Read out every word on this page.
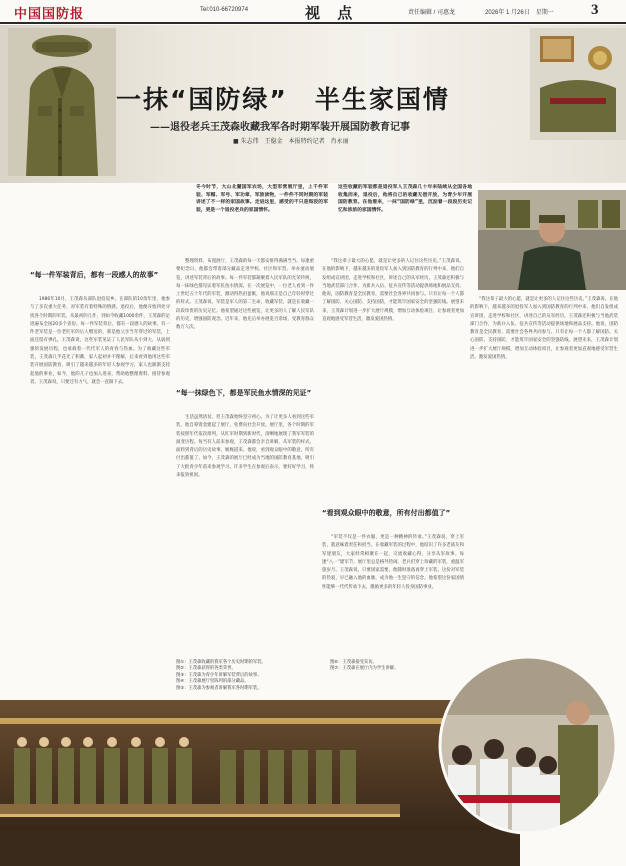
中国国防报	Tel:010-66720974	视 点	责任编辑 / 司惠龙	2026年 1 月26日　星期一 3
一抹“国防绿”　半生家国情
——退役老兵王茂森收藏我军各时期军装开展国防教育记事
■ 朱志伟　王稳金　本报特约记者　肖永丽
冬今时节，大山北麓国军农场，大型军营展厅里，上千件军装、军帽、军号、军功章、军旅读物，一件件不同时期的军装讲述了不一样的家国故事。走进这里，感受的不只是斑驳的军装，更是一个退役老兵的家国情怀。
这些收藏的军装都是退役军人王茂森几十年来陆续从全国各地收集而来，退役后，他将自己的收藏无偿开放，为青少年开展国防教育。在他看来，一抹“国防绿”里，沉淀着一段段历史记忆和浓浓的家国情怀。
“每一件军装背后，都有一段感人的故事”

1986年10月，王茂森从部队退役返乡。在部队的10余年里，他参与了多次重大任务，对军装有着特殊的情感。退役后，他便开始四处寻找各个时期的军装。从最初的几件，到如今收藏1000余件，王茂森的足迹遍布全国20多个省份。每一件军装背后，都有一段感人的故事。有一件老军装是一位老红军的后人赠送的，那是他父亲当年穿过的军装，上面还留有弹孔。王茂森说，这些军装见证了人民军队从小到大、从弱到强的发展历程，也承载着一代代军人的青春与热血。为了收藏这些军装，王茂森几乎花光了积蓄，家人起初并不理解，后来看到他用这些军装开展国防教育，吸引了越来越多的年轻人参观学习，家人也渐渐支持起他的事业。如今，他的儿子也加入进来，帮助他整理资料、接待参观者。王茂森说，只要还有力气，就会一直做下去。

整理资料，布置展厅，王茂森的每一天都安排得满满当当。每逢重要纪念日，他都会带着部分藏品走进学校、社区和军营，举办流动展览，讲述军装背后的故事。每一件军装都凝聚着人民军队的光荣传统，每一抹绿色都见证着军民鱼水情深。在一次展览中，一位老人看到一件上世纪五十年代的军装，激动得热泪盈眶，他说那正是自己年轻时穿过的样式。王茂森说，军装是军人的第二生命，收藏军装，就是在收藏一段段珍贵的历史记忆。他希望通过这些展览，让更多的人了解人民军队的历史，增强国防观念。近年来，他先后举办展览百余场，受教育群众数万人次。

“每一抹绿色下，都是军民鱼水情深的见证”

生活虽然清贫，但王茂森始终坚守初心。为了让更多人看到这些军装，他自筹资金建起了展厅，免费向社会开放。展厅里，各个时期的军装按照年代依次排列，从红军时期到新时代，清晰地展现了我军军装的演变历程。每当有人前来参观，王茂森都会亲自讲解，从军装的样式、面料到背后的历史故事，娓娓道来。他说，看到观众眼中的敬意，所有付出都值了。如今，王茂森的展厅已经成为当地的国防教育基地，吸引了大批青少年前来参观学习。许多学生在参观后表示，要好好学习，将来报效祖国。

“我这辈子最大的心愿，就是让更多的人记住这些历史。”王茂森说。在他的影响下，越来越多的退役军人加入到国防教育的行列中来，他们自发组成宣讲团，走进学校和社区，讲述自己的从军经历。王茂森还积极与当地武装部门合作，为新兵入伍、征兵宣传等活动提供场地和展品支持。他说，国防教育是全民教育，需要社会各界共同参与。只有让每一个人都了解国防、关心国防、支持国防，才能筑牢国家安全的坚强防线。展望未来，王茂森计划进一步扩大展厅规模，增加互动体验项目，让参观者更加直观地感受军营生活，激发爱国热情。

“看到观众眼中的敬意，所有付出都值了”

“军装不仅是一件衣服，更是一种精神的传承。”王茂森说，穿上军装，就意味着责任和担当。在收藏军装的过程中，他结识了许多老战友和军迷朋友，大家经常相聚在一起，交流收藏心得，分享从军故事。每逢“八一”建军节，展厅里总是格外热闹，老兵们穿上珍藏的军装，重温军旅岁月。王茂森说，只要国家需要，他随时准备再穿上军装。这份对军装的热爱，早已融入他的血脉，成为他一生坚守的信念。他希望这份家国情怀能够一代代传承下去，激励更多的年轻人投身国防事业。

“我这辈子最大的心愿，就是让更多的人记住这些历史。”王茂森说。在他的影响下，越来越多的退役军人加入到国防教育的行列中来，他们自发组成宣讲团，走进学校和社区，讲述自己的从军经历。王茂森还积极与当地武装部门合作，为新兵入伍、征兵宣传等活动提供场地和展品支持。他说，国防教育是全民教育，需要社会各界共同参与。只有让每一个人都了解国防、关心国防、支持国防，才能筑牢国家安全的坚强防线。展望未来，王茂森计划进一步扩大展厅规模，增加互动体验项目，让参观者更加直观地感受军营生活，激发爱国热情。

图①：王茂森收藏的我军各个历史时期的军装。
图②：王茂森获得的各类荣誉。
图③：王茂森为青少年讲解军装背后的故事。
图④：王茂森展厅里陈列的部分藏品。
图⑤：王茂森为参观者讲解我军各时期军装。
图⑥：王茂森接受采访。
图⑦：王茂森在展厅内为学生讲解。
